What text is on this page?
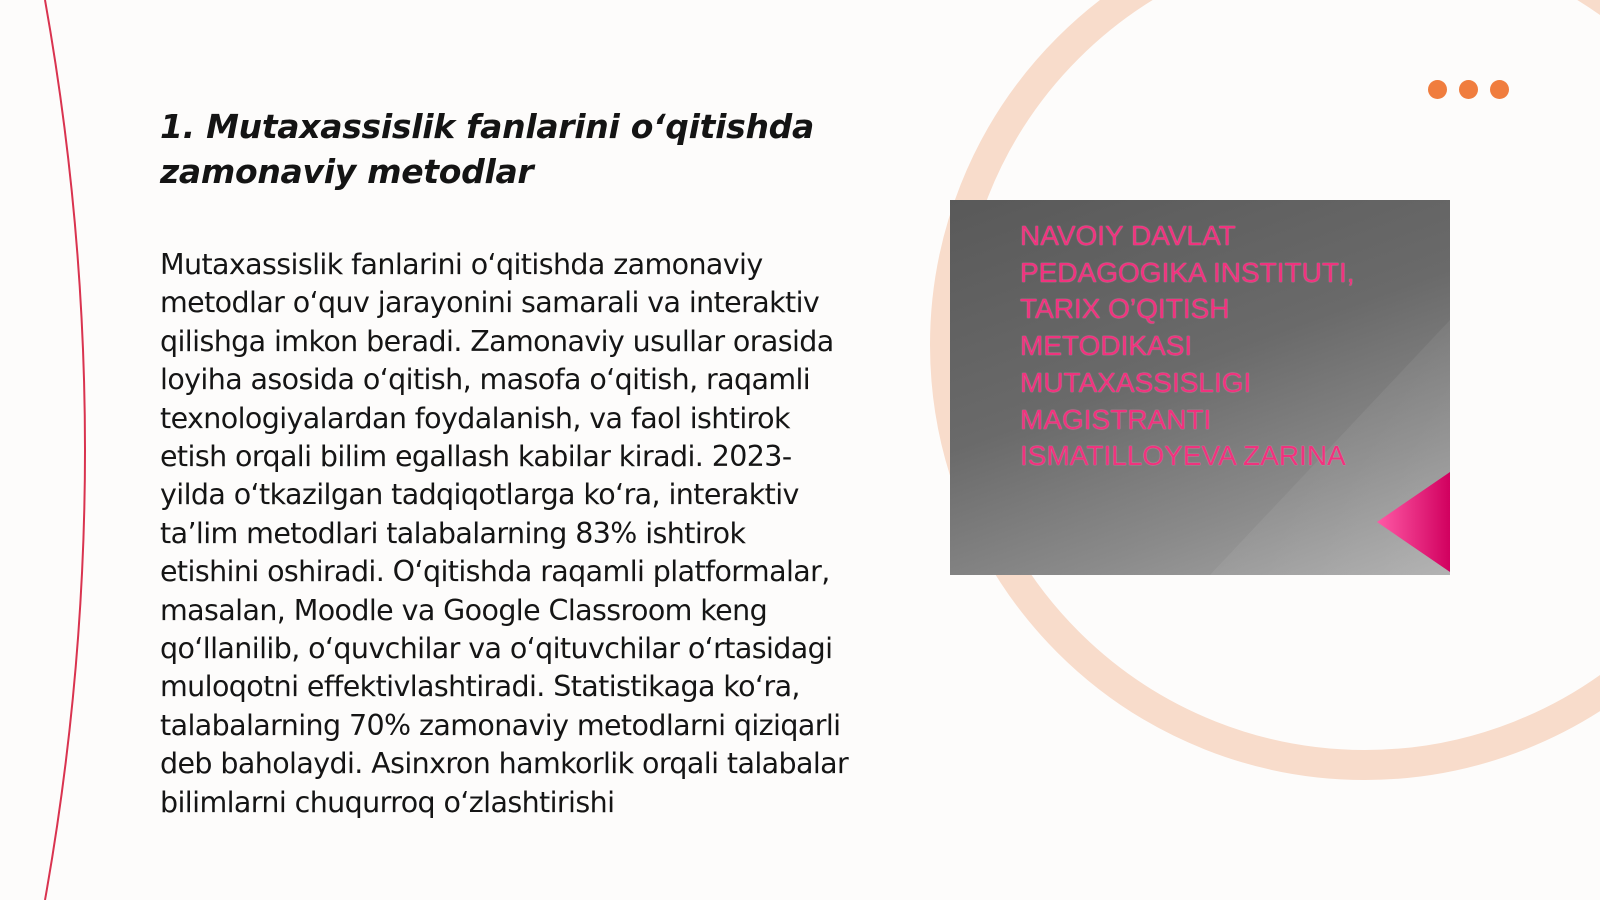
1. Mutaxassislik fanlarini o‘qitishda zamonaviy metodlar

Mutaxassislik fanlarini o‘qitishda zamonaviy metodlar o‘quv jarayonini samarali va interaktiv qilishga imkon beradi. Zamonaviy usullar orasida loyiha asosida o‘qitish, masofa o‘qitish, raqamli texnologiyalardan foydalanish, va faol ishtirok etish orqali bilim egallash kabilar kiradi. 2023-yilda o‘tkazilgan tadqiqotlarga ko‘ra, interaktiv ta’lim metodlari talabalarning 83% ishtirok etishini oshiradi. O‘qitishda raqamli platformalar, masalan, Moodle va Google Classroom keng qo‘llanilib, o‘quvchilar va o‘qituvchilar o‘rtasidagi muloqotni effektivlashtiradi. Statistikaga ko‘ra, talabalarning 70% zamonaviy metodlarni qiziqarli deb baholaydi. Asinxron hamkorlik orqali talabalar bilimlarni chuqurroq o‘zlashtirishi

NAVOIY DAVLAT
PEDAGOGIKA INSTITUTI,
TARIX O’QITISH
METODIKASI
MUTAXASSISLIGI
MAGISTRANTI
ISMATILLOYEVA ZARINA
